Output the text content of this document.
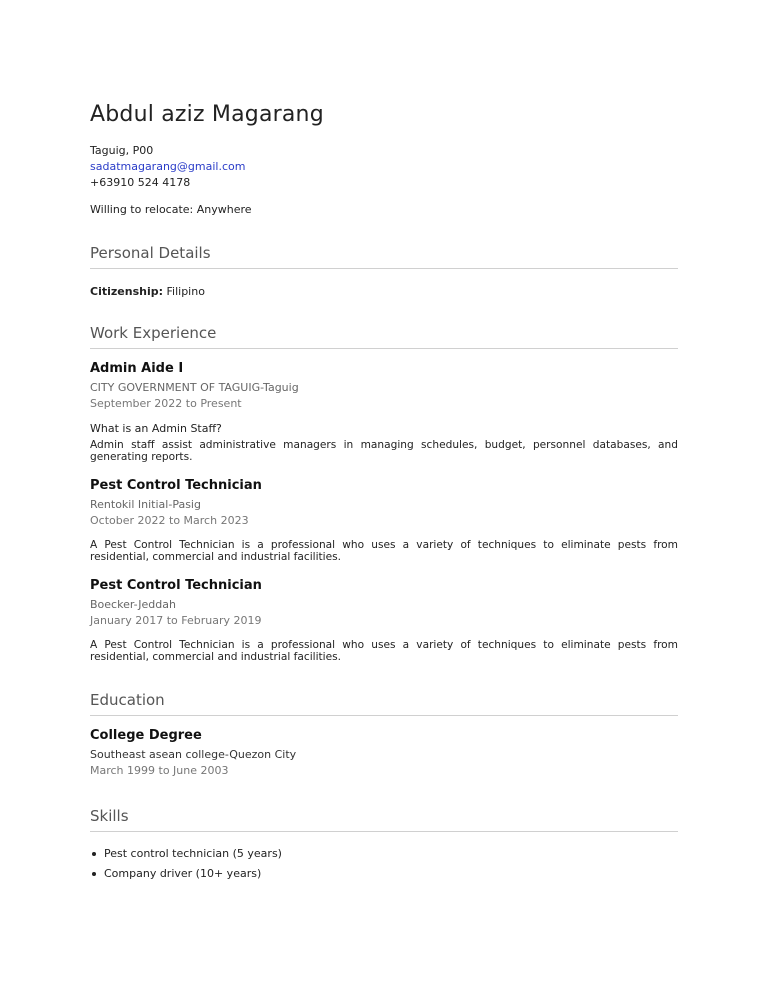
Abdul aziz Magarang
Taguig, P00
sadatmagarang@gmail.com
+63910 524 4178
Willing to relocate: Anywhere
Personal Details
Citizenship: Filipino
Work Experience
Admin Aide I
CITY GOVERNMENT OF TAGUIG-Taguig
September 2022 to Present
What is an Admin Staff?
Admin staff assist administrative managers in managing schedules, budget, personnel databases, and generating reports.
Pest Control Technician
Rentokil Initial-Pasig
October 2022 to March 2023
A Pest Control Technician is a professional who uses a variety of techniques to eliminate pests from residential, commercial and industrial facilities.
Pest Control Technician
Boecker-Jeddah
January 2017 to February 2019
A Pest Control Technician is a professional who uses a variety of techniques to eliminate pests from residential, commercial and industrial facilities.
Education
College Degree
Southeast asean college-Quezon City
March 1999 to June 2003
Skills
Pest control technician (5 years)
Company driver (10+ years)
